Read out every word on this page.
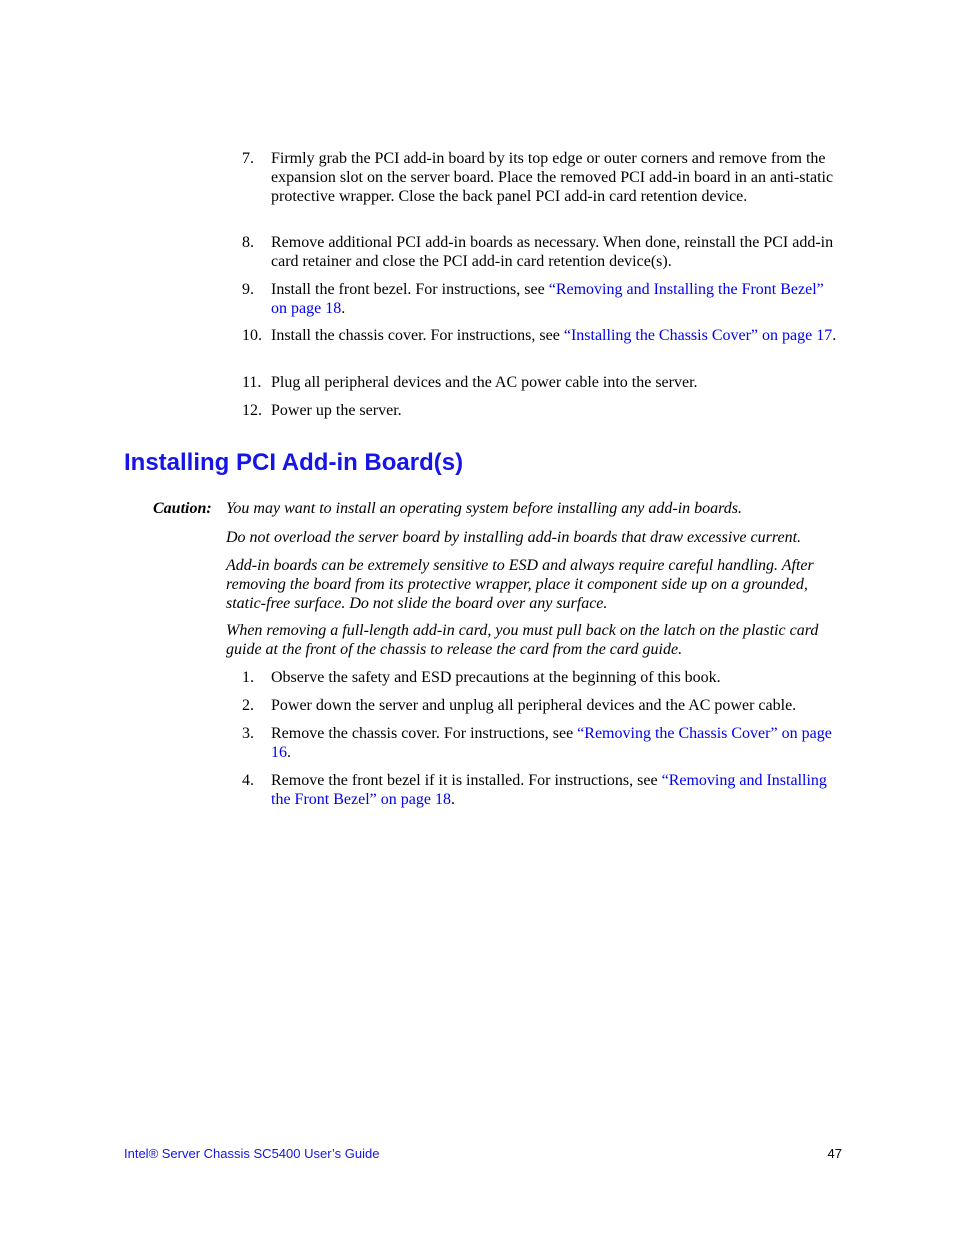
7.	Firmly grab the PCI add-in board by its top edge or outer corners and remove from the expansion slot on the server board. Place the removed PCI add-in board in an anti-static protective wrapper. Close the back panel PCI add-in card retention device.
8.	Remove additional PCI add-in boards as necessary. When done, reinstall the PCI add-in card retainer and close the PCI add-in card retention device(s).
9.	Install the front bezel. For instructions, see “Removing and Installing the Front Bezel” on page 18.
10. Install the chassis cover. For instructions, see “Installing the Chassis Cover” on page 17.
11. Plug all peripheral devices and the AC power cable into the server.
12. Power up the server.
Installing PCI Add-in Board(s)
Caution: You may want to install an operating system before installing any add-in boards.
Do not overload the server board by installing add-in boards that draw excessive current.
Add-in boards can be extremely sensitive to ESD and always require careful handling. After removing the board from its protective wrapper, place it component side up on a grounded, static-free surface. Do not slide the board over any surface.
When removing a full-length add-in card, you must pull back on the latch on the plastic card guide at the front of the chassis to release the card from the card guide.
1.	Observe the safety and ESD precautions at the beginning of this book.
2.	Power down the server and unplug all peripheral devices and the AC power cable.
3.	Remove the chassis cover. For instructions, see “Removing the Chassis Cover” on page 16.
4.	Remove the front bezel if it is installed. For instructions, see “Removing and Installing the Front Bezel” on page 18.
Intel® Server Chassis SC5400 User’s Guide	47
